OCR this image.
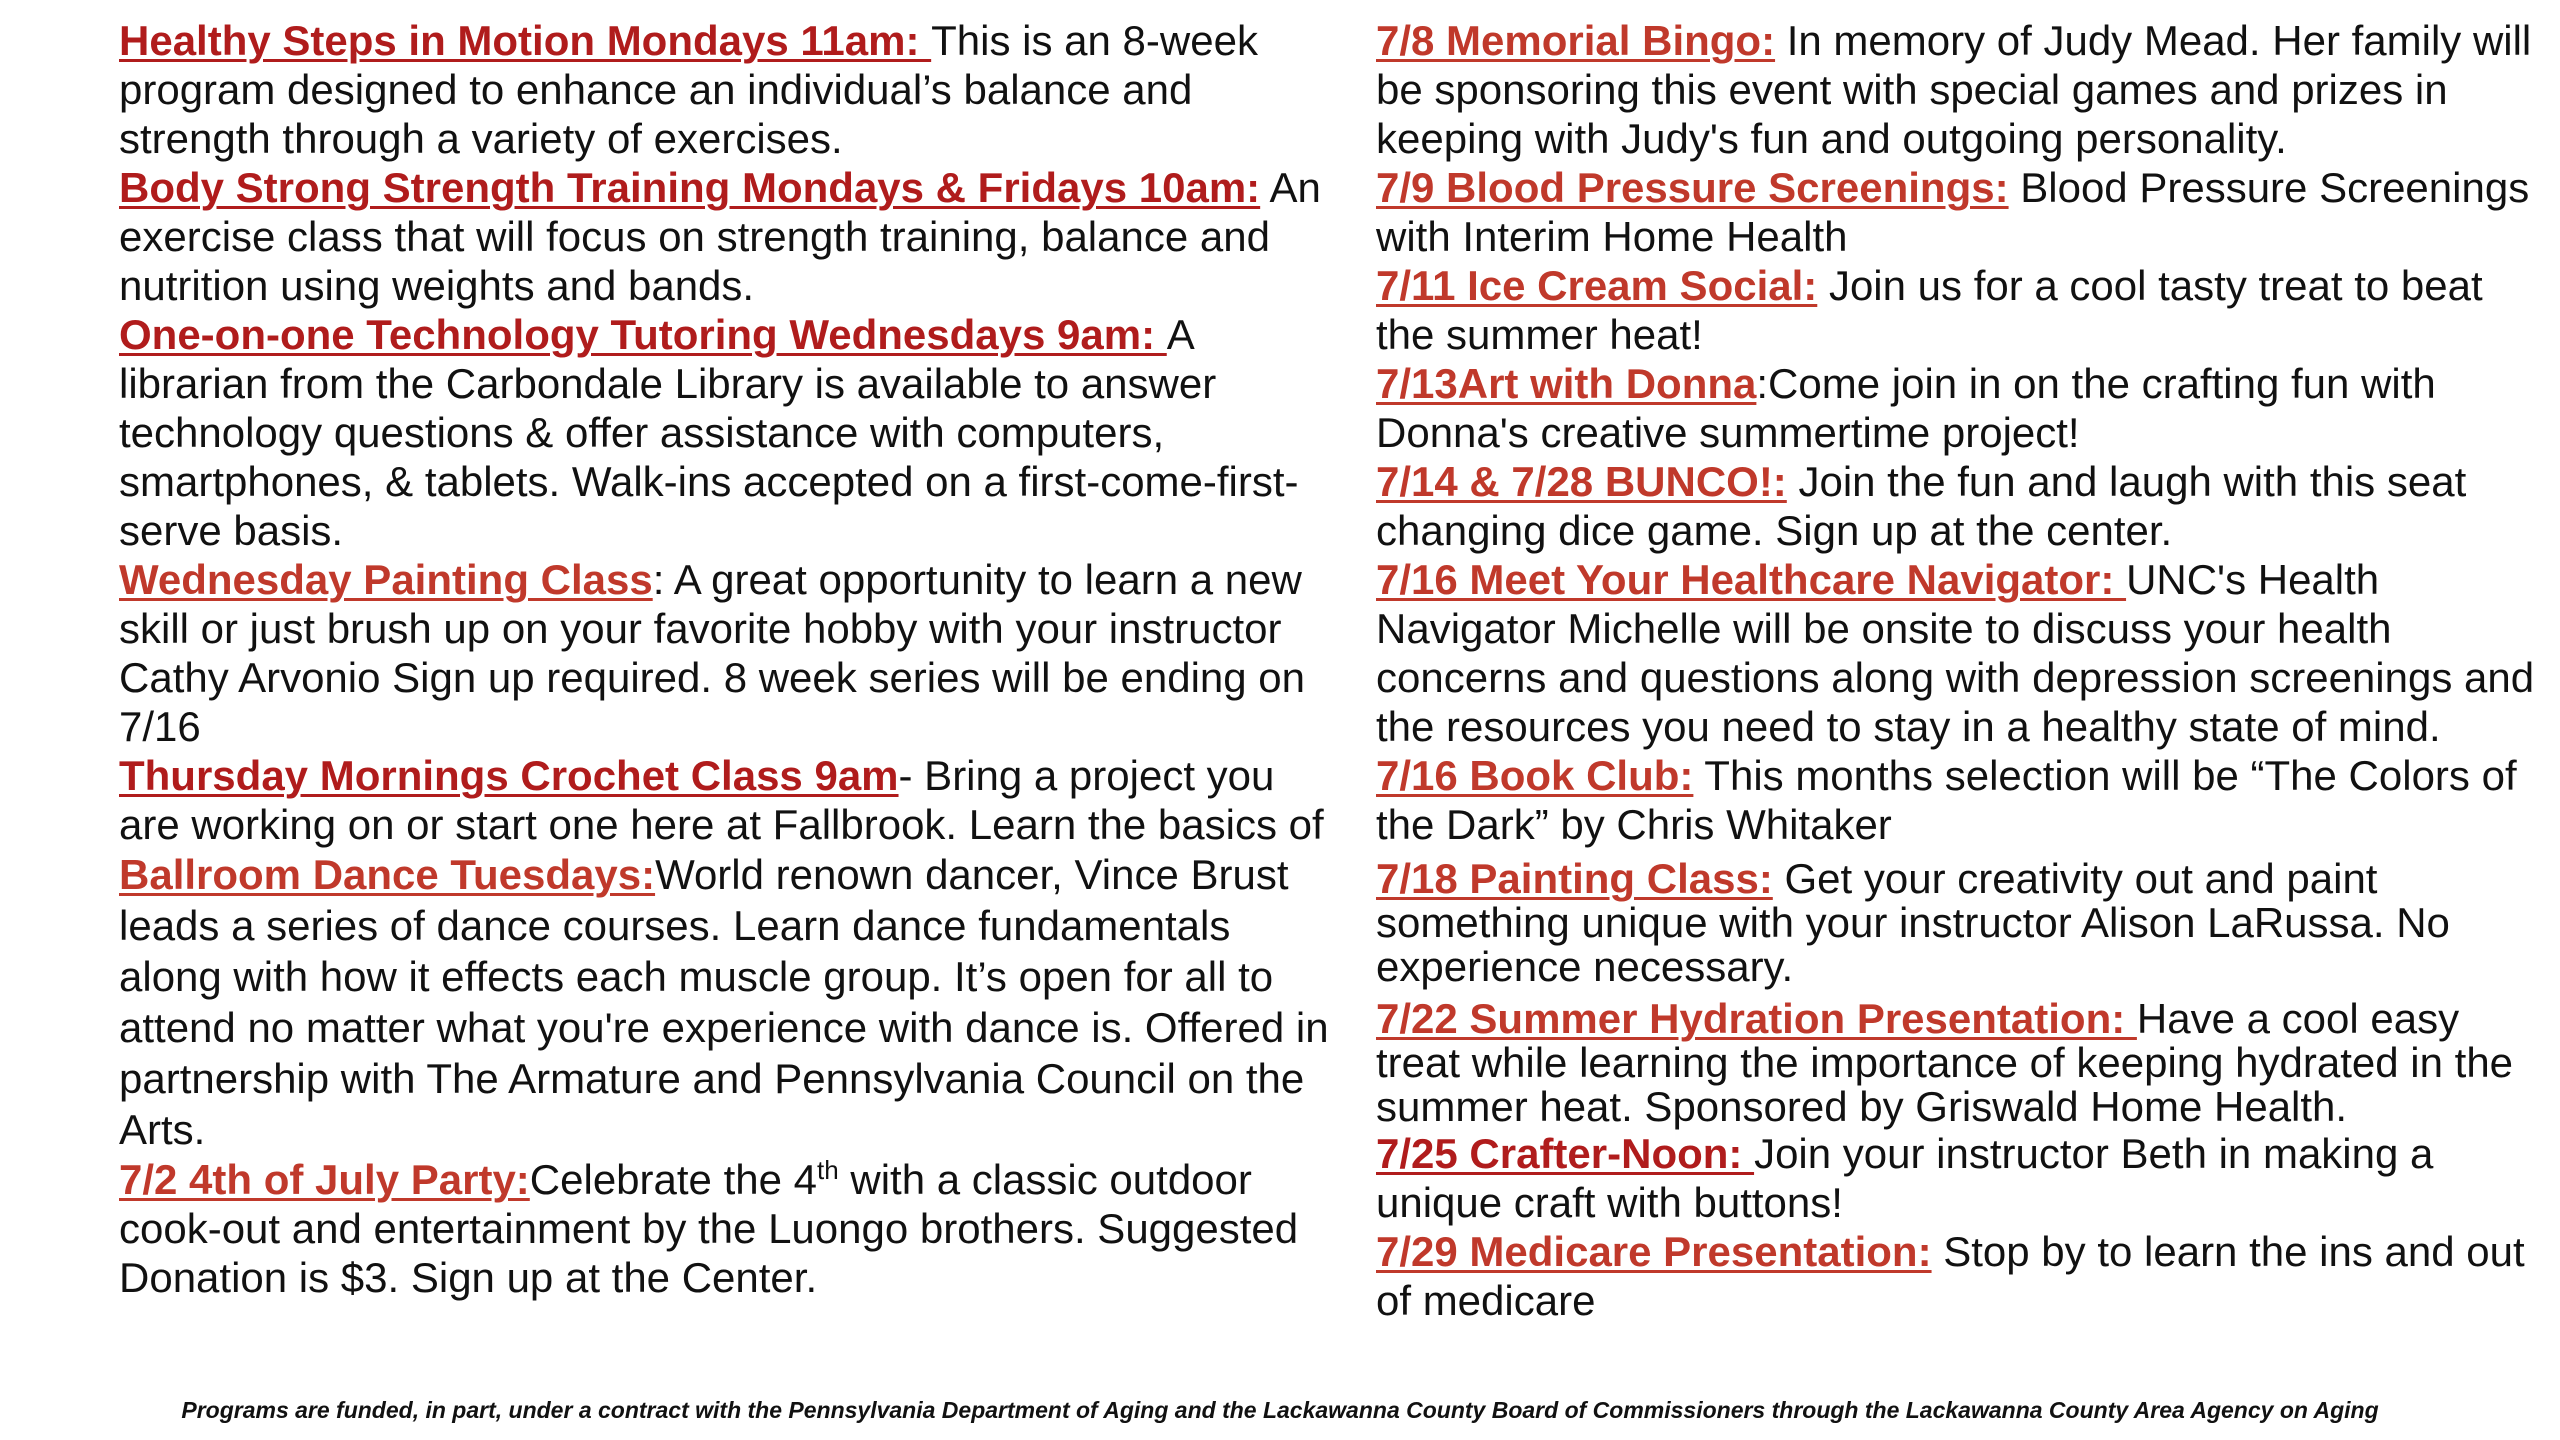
Healthy Steps in Motion Mondays 11am: This is an 8-week program designed to enhance an individual’s balance and strength through a variety of exercises.

Body Strong Strength Training Mondays & Fridays 10am: An exercise class that will focus on strength training, balance and nutrition using weights and bands.

One-on-one Technology Tutoring Wednesdays 9am: A librarian from the Carbondale Library is available to answer technology questions & offer assistance with computers, smartphones, & tablets. Walk-ins accepted on a first-come-first-serve basis.

Wednesday Painting Class: A great opportunity to learn a new skill or just brush up on your favorite hobby with your instructor Cathy Arvonio Sign up required. 8 week series will be ending on 7/16

Thursday Mornings Crochet Class 9am- Bring a project you are working on or start one here at Fallbrook. Learn the basics of

Ballroom Dance Tuesdays:World renown dancer, Vince Brust leads a series of dance courses. Learn dance fundamentals along with how it effects each muscle group. It’s open for all to attend no matter what you're experience with dance is. Offered in partnership with The Armature and Pennsylvania Council on the Arts.

7/2 4th of July Party:Celebrate the 4th with a classic outdoor cook-out and entertainment by the Luongo brothers. Suggested Donation is $3. Sign up at the Center.

7/8 Memorial Bingo: In memory of Judy Mead. Her family will be sponsoring this event with special games and prizes in keeping with Judy's fun and outgoing personality.

7/9 Blood Pressure Screenings: Blood Pressure Screenings with Interim Home Health

7/11 Ice Cream Social: Join us for a cool tasty treat to beat the summer heat!

7/13Art with Donna:Come join in on the crafting fun with Donna's creative summertime project!

7/14 & 7/28 BUNCO!: Join the fun and laugh with this seat changing dice game. Sign up at the center.

7/16 Meet Your Healthcare Navigator: UNC's Health Navigator Michelle will be onsite to discuss your health concerns and questions along with depression screenings and the resources you need to stay in a healthy state of mind.

7/16 Book Club: This months selection will be “The Colors of the Dark” by Chris Whitaker

7/18 Painting Class: Get your creativity out and paint something unique with your instructor Alison LaRussa. No experience necessary.

7/22 Summer Hydration Presentation: Have a cool easy treat while learning the importance of keeping hydrated in the summer heat. Sponsored by Griswald Home Health.

7/25 Crafter-Noon: Join your instructor Beth in making a unique craft with buttons!

7/29 Medicare Presentation: Stop by to learn the ins and out of medicare

Programs are funded, in part, under a contract with the Pennsylvania Department of Aging and the Lackawanna County Board of Commissioners through the Lackawanna County Area Agency on Aging
